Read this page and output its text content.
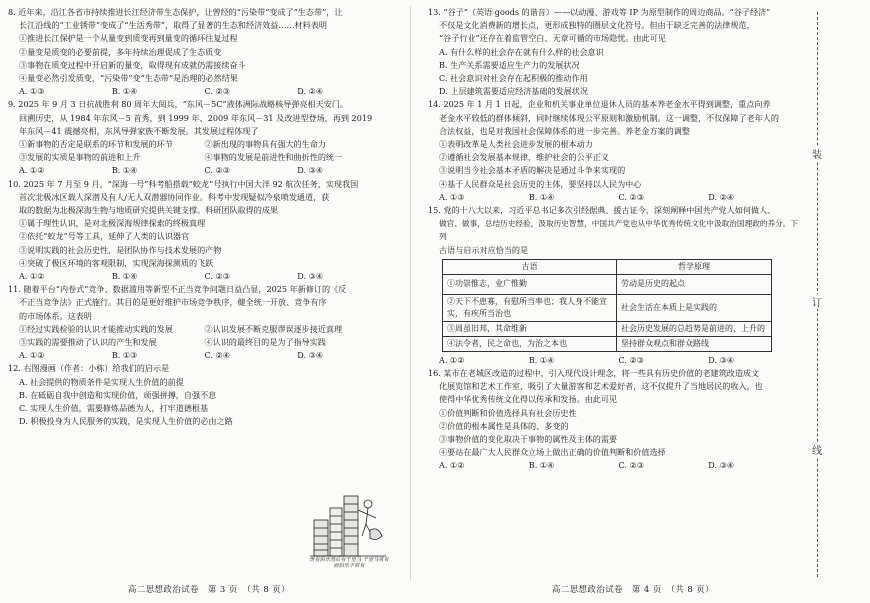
8. 近年来，沿江各省市持续推进长江经济带生态保护，让曾经的“污染带”变成了“生态带”，让

长江沿线的“工业锈带”变成了“生活秀带”，取得了显著的生态和经济效益……材料表明

①推进长江保护是一个从量变到质变再到量变的循环往复过程
②量变是质变的必要前提，多年持续治理促成了生态质变
③事物在质变过程中开启新的量变，取得现有成就仍需接续奋斗
④量变必然引发质变，“污染带”变“生态带”是治理的必然结果
A. ①③	B. ①④	C. ②③	D. ②④

9. 2025 年 9 月 3 日抗战胜利 80 周年大阅兵，“东风－5C”液体洲际战略核导弹亮相天安门。

回溯历史，从 1984 年东风－5 首秀，到 1999 年、2009 年东风－31 及改进型登场，再到 2019

年东风－41 震撼亮相，东风导弹家族不断发展。其发展过程体现了

①新事物的否定是联系的环节和发展的环节	②新出现的事物具有强大的生命力
③发展的实质是事物的前进和上升	④事物的发展是前进性和曲折性的统一
A. ①②	B. ①④	C. ②③	D. ③④

10. 2025 年 7 月至 9 月，“深海一号”科考船搭载“蛟龙”号执行中国大洋 92 航次任务，实现我国

首次北极冰区载人深潜及有人/无人双潜器协同作业。科考中发现疑似冷泉喷发通道，获

取的数据为北极深海生物与地质研究提供关键支撑。科研团队取得的成果

①属于理性认识，是对北极深海规律探索的终极真理
②依托“蛟龙”号等工具，延伸了人类的认识器官
③说明实践的社会历史性，是团队协作与技术发展的产物
④突破了极区环境的客观限制，实现深海探测质的飞跃
A. ①②	B. ①④	C. ②③	D. ③④

11. 随着平台“内卷式”竞争、数据滥用等新型不正当竞争问题日益凸显，2025 年新修订的《反

不正当竞争法》正式施行。其目的是更好维护市场竞争秩序，健全统一开放、竞争有序

的市场体系。这表明

①经过实践检验的认识才能推动实践的发展	②认识发展不断克服谬误逐步接近真理
③实践的需要推动了认识的产生和发展	④认识的最终目的是为了指导实践
A. ①②	B. ①③	C. ②④	D. ③④

12. 右图漫画（作者：小栋）给我们的启示是

A. 社会提供的物质条件是实现人生价值的前提
B. 在砥砺自我中创造和实现价值，顽强拼搏，自强不息
C. 实现人生价值，需要修炼品德为人，打牢道德根基
D. 积极投身为人民服务的实践，是实现人生价值的必由之路
世有伯乐然后有千里马 千里马常有而伯乐不常有
高二思想政治试卷　第 3 页　（共 8 页）

13. “谷子”（英语 goods 的谐音）——以动漫、游戏等 IP 为原型制作的周边商品。“谷子经济”

不仅是文化消费新的增长点，更形成独特的圈层文化符号。但由于缺乏完善的法律规范，

“谷子行业”还存在着监管空白、无章可循的市场隐忧。由此可见

A. 有什么样的社会存在就有什么样的社会意识
B. 生产关系需要适应生产力的发展状况
C. 社会意识对社会存在起积极的推动作用
D. 上层建筑需要适应经济基础的发展状况

14. 2025 年 1 月 1 日起，企业和机关事业单位退休人员的基本养老金水平得到调整，重点向养

老金水平较低的群体倾斜，同时继续体现公平原则和激励机制。这一调整，不仅保障了老年人的

合法权益，也是对我国社会保障体系的进一步完善。养老金方案的调整

①表明改革是人类社会进步发展的根本动力
②遵循社会发展基本规律，维护社会的公平正义
③说明当今社会基本矛盾的解决是通过斗争来实现的
④基于人民群众是社会历史的主体，要坚持以人民为中心
A. ①③	B. ①④	C. ②③	D. ②④

15. 党的十八大以来，习近平总书记多次引经据典、援古证今，深刻阐释中国共产党人如何做人、

做官、做事，总结历史经验，汲取历史智慧，中国共产党也从中华优秀传统文化中汲取治国理政的养分。下列

古语与启示对应恰当的是

古语	哲学原理
①功崇惟志，业广惟勤	劳动是历史的起点
②天下不患寡，有慰所当率也；我人身不能宣实，有疾所当治也	社会生活在本质上是实践的
③周虽旧邦，其命维新	社会历史发展的总趋势是前进的、上升的
④法令者，民之命也，为治之本也	坚持群众观点和群众路线
A. ①②	B. ①④	C. ②③	D. ③④

16. 某市在老城区改造的过程中，引入现代设计理念，将一些具有历史价值的老建筑改造成文

化展览馆和艺术工作室，吸引了大量游客和艺术爱好者，这不仅提升了当地居民的收入，也

使得中华优秀传统文化得以传承和发扬。由此可见

①价值判断和价值选择具有社会历史性
②价值的根本属性是具体的、多变的
③事物价值的变化取决于事物的属性及主体的需要
④要站在最广大人民群众立场上做出正确的价值判断和价值选择
A. ①②	B. ①④	C. ②③	D. ③④
高二思想政治试卷　第 4 页　（共 8 页）
装
订
线
